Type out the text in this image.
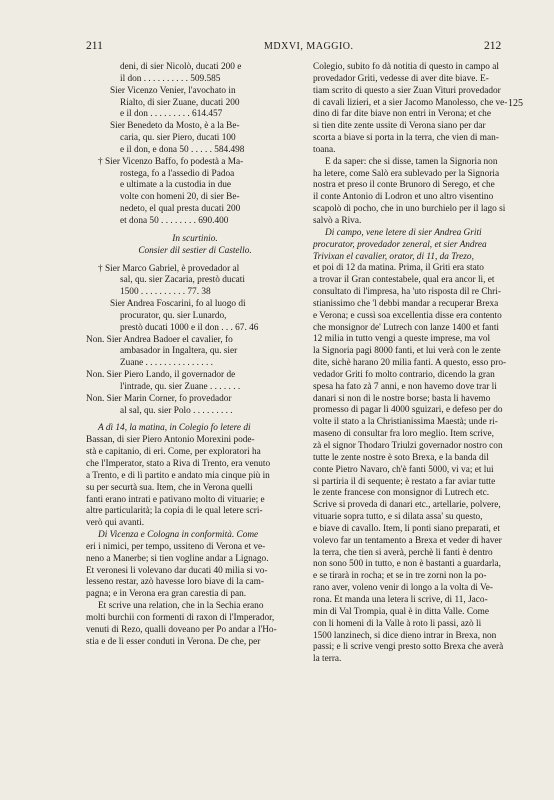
211	MDXVI, MAGGIO.	212
125
deni, di sier Nicolò, ducati 200 e
il don . . . . . . . . . . 509.585
Sier Vicenzo Venier, l'avochato in
Rialto, di sier Zuane, ducati 200
e il don . . . . . . . . . 614.457
Sier Benedeto da Mosto, è a la Be-
caria, qu. sier Piero, ducati 100
e il don, e dona 50 . . . . . 584.498
† Sier Vicenzo Baffo, fo podestà a Ma-
rostega, fo a l'assedio di Padoa
e ultimate a la custodia in due
volte con homeni 20, di sier Be-
nedeto, el qual presta ducati 200
et dona 50 . . . . . . . . 690.400
In scurtinio.
Consier dil sestier di Castello.
† Sier Marco Gabriel, è provedador al
sal, qu. sier Zacaria, prestò ducati
1500 . . . . . . . . . . 77. 38
Sier Andrea Foscarini, fo al luogo di
procurator, qu. sier Lunardo,
prestò ducati 1000 e il don . . . 67. 46
Non. Sier Andrea Badoer el cavalier, fo
ambasador in Ingaltera, qu. sier
Zuane . . . . . . . . . . . . . . .
Non. Sier Piero Lando, il governador de
l'intrade, qu. sier Zuane . . . . . . .
Non. Sier Marin Corner, fo provedador
al sal, qu. sier Polo . . . . . . . . .
A dì 14, la matina, in Colegio fo letere di
Bassan, di sier Piero Antonio Morexini pode-
stà e capitanio, di eri. Come, per exploratori ha
che l'Imperator, stato a Riva di Trento, era venuto
a Trento, e di lì partito e andato mia cinque più in
su per securtà sua. Item, che in Verona quelli
fanti erano intrati e pativano molto di vituarie; e
altre particularità; la copia di le qual letere scri-
verò qui avanti.
Di Vicenza e Cologna in conformità. Come
eri i nimici, per tempo, ussiteno di Verona et ve-
neno a Manerbe; si tien vogline andar a Lignago.
Et veronesi li volevano dar ducati 40 milia si vo-
lesseno restar, azò havesse loro biave di la cam-
pagna; e in Verona era gran carestia di pan.
Et scrive una relation, che in la Sechia erano
molti burchii con formenti di raxon di l'Imperador,
venuti di Rezo, qualli doveano per Po andar a l'Ho-
stia e de lì esser conduti in Verona. De che, per
Colegio, subito fo dà notitia di questo in campo al
provedador Griti, vedesse di aver dite biave. E-
tiam scrito di questo a sier Zuan Vituri provedador
di cavali lizieri, et a sier Jacomo Manolesso, che ve-
dino di far dite biave non entri in Verona; et che
si tien dite zente ussite di Verona siano per dar
scorta a biave si porta in la terra, che vien di man-
toana.
E da saper: che si disse, tamen la Signoria non
ha letere, come Salò era sublevado per la Signoria
nostra et preso il conte Brunoro di Serego, et che
il conte Antonio di Lodron et uno altro visentino
scapolò di pocho, che in uno burchielo per il lago si
salvò a Riva.
Di campo, vene letere di sier Andrea Griti
procurator, provedador zeneral, et sier Andrea
Trivixan el cavalier, orator, di 11, da Trezo,
et poi di 12 da matina. Prima, il Griti era stato
a trovar il Gran contestabele, qual era ancor lì, et
consultato di l'impresa, ha 'uto risposta dil re Chri-
stianissimo che 'l debbi mandar a recuperar Brexa
e Verona; e cussì soa excellentia disse era contento
che monsignor de' Lutrech con lanze 1400 et fanti
12 milia in tutto vengi a queste imprese, ma vol
la Signoria pagi 8000 fanti, et lui verà con le zente
dite, sichè harano 20 milia fanti. A questo, esso pro-
vedador Griti fo molto contrario, dicendo la gran
spesa ha fato zà 7 anni, e non havemo dove trar li
danari si non di le nostre borse; basta li havemo
promesso di pagar li 4000 sguizari, e defeso per do
volte il stato a la Christianissima Maestà; unde ri-
maseno di consultar fra loro meglio. Item scrive,
zà el signor Thodaro Triulzi governador nostro con
tutte le zente nostre è soto Brexa, e la banda dil
conte Pietro Navaro, ch'è fanti 5000, vi va; et lui
si partiria il di sequente; è restato a far aviar tutte
le zente francese con monsignor di Lutrech etc.
Scrive si proveda di danari etc., artellarie, polvere,
vituarie sopra tutto, e si dilata assa' su questo,
e biave di cavallo. Item, li ponti siano preparati, et
volevo far un tentamento a Brexa et veder di haver
la terra, che tien si averà, perchè li fanti è dentro
non sono 500 in tutto, e non è bastanti a guardarla,
e se tirarà in rocha; et se in tre zorni non la po-
rano aver, voleno venir di longo a la volta di Ve-
rona. Et manda una letera li scrive, di 11, Jaco-
min di Val Trompia, qual è in ditta Valle. Come
con li homeni di la Valle à roto li passi, azò li
1500 lanzinech, si dice dieno intrar in Brexa, non
passi; e li scrive vengi presto sotto Brexa che averà
la terra.
